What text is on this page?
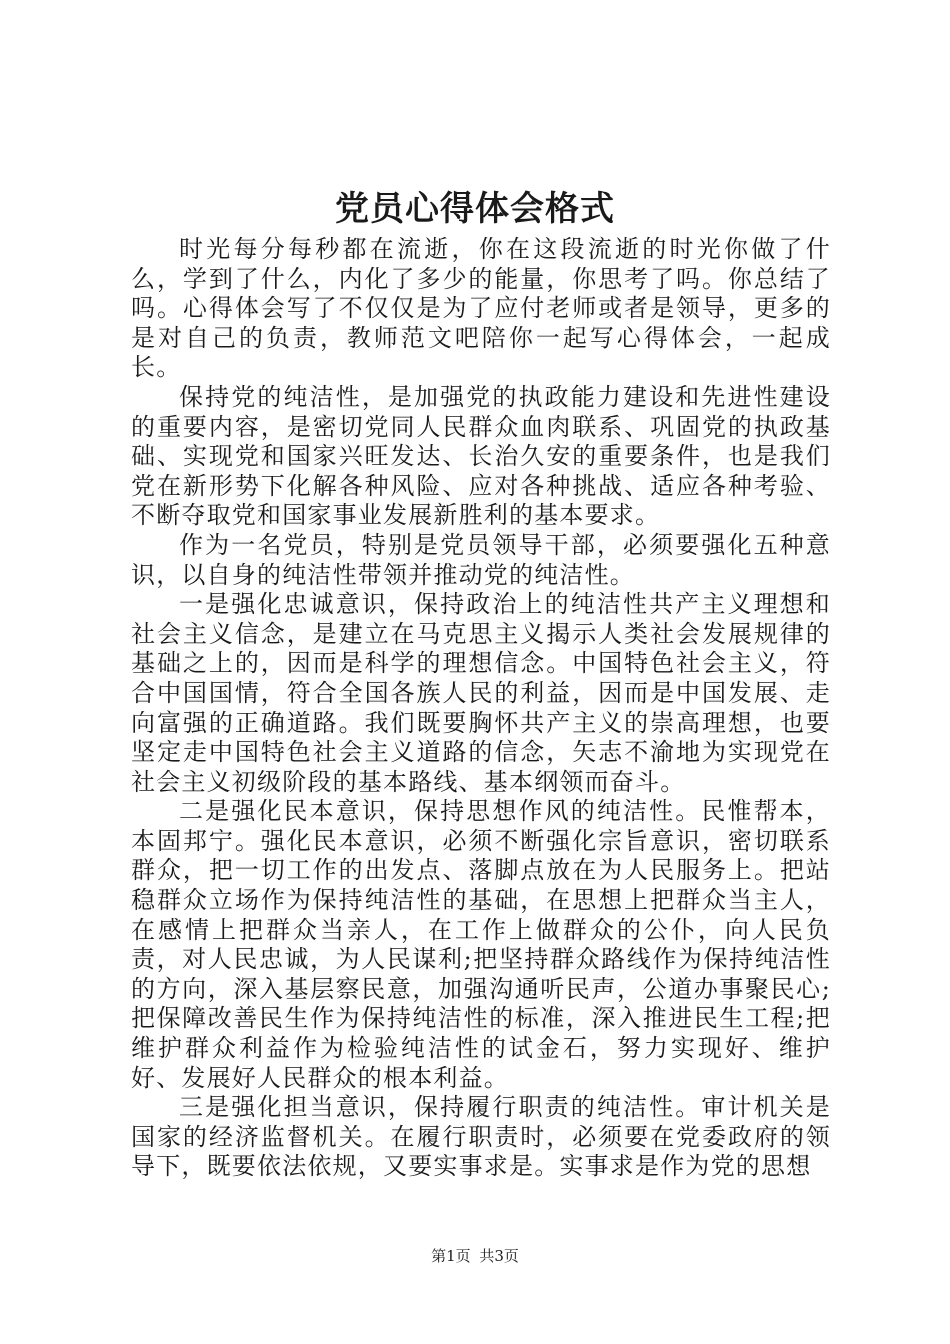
党员心得体会格式

时光每分每秒都在流逝，你在这段流逝的时光你做了什么，学到了什么，内化了多少的能量，你思考了吗。你总结了吗。心得体会写了不仅仅是为了应付老师或者是领导，更多的是对自己的负责，教师范文吧陪你一起写心得体会，一起成长。

保持党的纯洁性，是加强党的执政能力建设和先进性建设的重要内容，是密切党同人民群众血肉联系、巩固党的执政基础、实现党和国家兴旺发达、长治久安的重要条件，也是我们党在新形势下化解各种风险、应对各种挑战、适应各种考验、不断夺取党和国家事业发展新胜利的基本要求。

作为一名党员，特别是党员领导干部，必须要强化五种意识，以自身的纯洁性带领并推动党的纯洁性。

一是强化忠诚意识，保持政治上的纯洁性共产主义理想和社会主义信念，是建立在马克思主义揭示人类社会发展规律的基础之上的，因而是科学的理想信念。中国特色社会主义，符合中国国情，符合全国各族人民的利益，因而是中国发展、走向富强的正确道路。我们既要胸怀共产主义的崇高理想，也要坚定走中国特色社会主义道路的信念，矢志不渝地为实现党在社会主义初级阶段的基本路线、基本纲领而奋斗。

二是强化民本意识，保持思想作风的纯洁性。民惟帮本，本固邦宁。强化民本意识，必须不断强化宗旨意识，密切联系群众，把一切工作的出发点、落脚点放在为人民服务上。把站稳群众立场作为保持纯洁性的基础，在思想上把群众当主人，在感情上把群众当亲人，在工作上做群众的公仆，向人民负责，对人民忠诚，为人民谋利;把坚持群众路线作为保持纯洁性的方向，深入基层察民意，加强沟通听民声，公道办事聚民心;把保障改善民生作为保持纯洁性的标准，深入推进民生工程;把维护群众利益作为检验纯洁性的试金石，努力实现好、维护好、发展好人民群众的根本利益。

三是强化担当意识，保持履行职责的纯洁性。审计机关是国家的经济监督机关。在履行职责时，必须要在党委政府的领导下，既要依法依规，又要实事求是。实事求是作为党的思想

第1页 共3页
